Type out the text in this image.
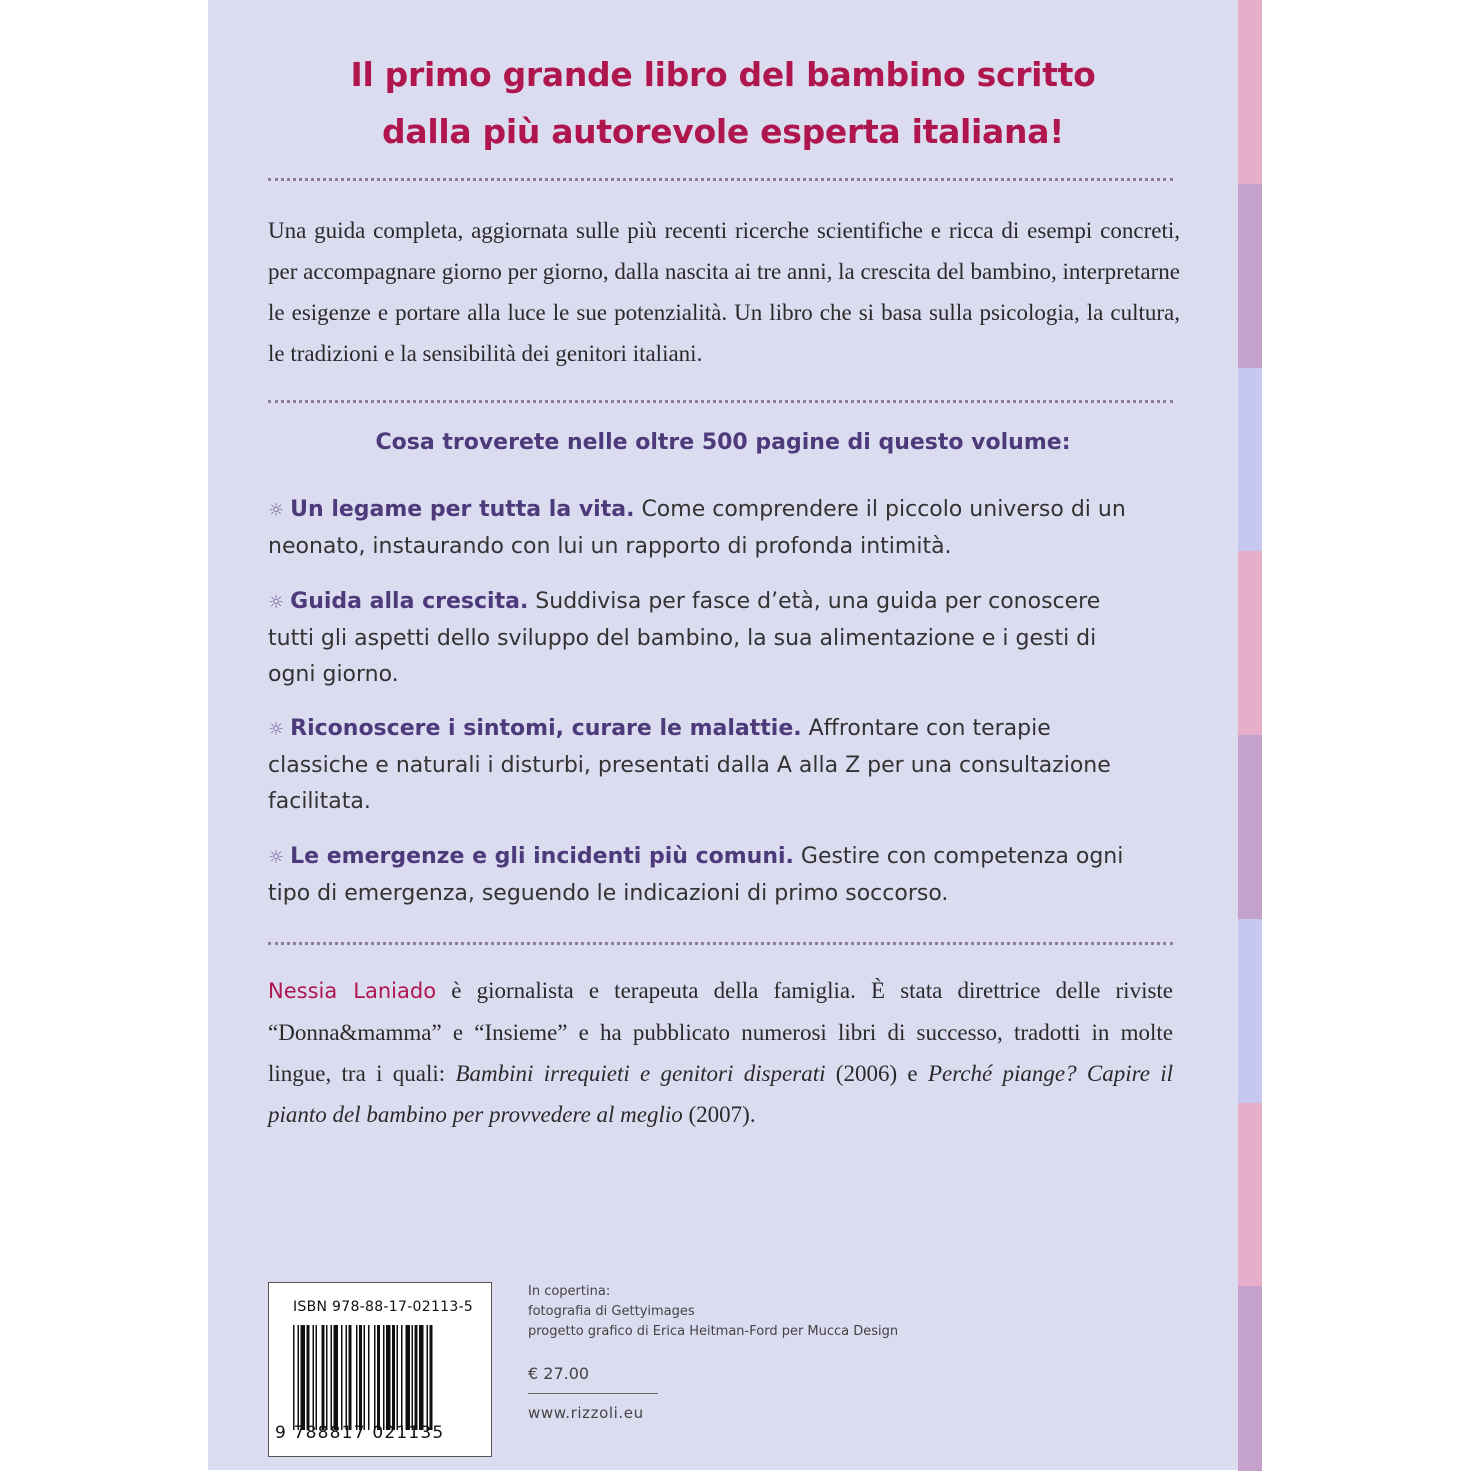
Il primo grande libro del bambino scritto
dalla più autorevole esperta italiana!

Una guida completa, aggiornata sulle più recenti ricerche scientifiche e ricca di esempi concreti, per accompagnare giorno per giorno, dalla nascita ai tre anni, la crescita del bambino, interpretarne le esigenze e portare alla luce le sue potenzialità. Un libro che si basa sulla psicologia, la cultura, le tradizioni e la sensibilità dei genitori italiani.

Cosa troverete nelle oltre 500 pagine di questo volume:
☼ Un legame per tutta la vita. Come comprendere il piccolo universo di un neonato, instaurando con lui un rapporto di profonda intimità.
☼ Guida alla crescita. Suddivisa per fasce d’età, una guida per conoscere tutti gli aspetti dello sviluppo del bambino, la sua alimentazione e i gesti di ogni giorno.
☼ Riconoscere i sintomi, curare le malattie. Affrontare con terapie classiche e naturali i disturbi, presentati dalla A alla Z per una consultazione facilitata.
☼ Le emergenze e gli incidenti più comuni. Gestire con competenza ogni tipo di emergenza, seguendo le indicazioni di primo soccorso.
Nessia Laniado è giornalista e terapeuta della famiglia. È stata direttrice delle riviste “Donna&mamma” e “Insieme” e ha pubblicato numerosi libri di successo, tradotti in molte lingue, tra i quali: Bambini irrequieti e genitori disperati (2006) e Perché piange? Capire il pianto del bambino per provvedere al meglio (2007).
ISBN 978-88-17-02113-5
9 788817 021135
In copertina:
fotografia di Gettyimages
progetto grafico di Erica Heitman-Ford per Mucca Design
€ 27.00
www.rizzoli.eu
